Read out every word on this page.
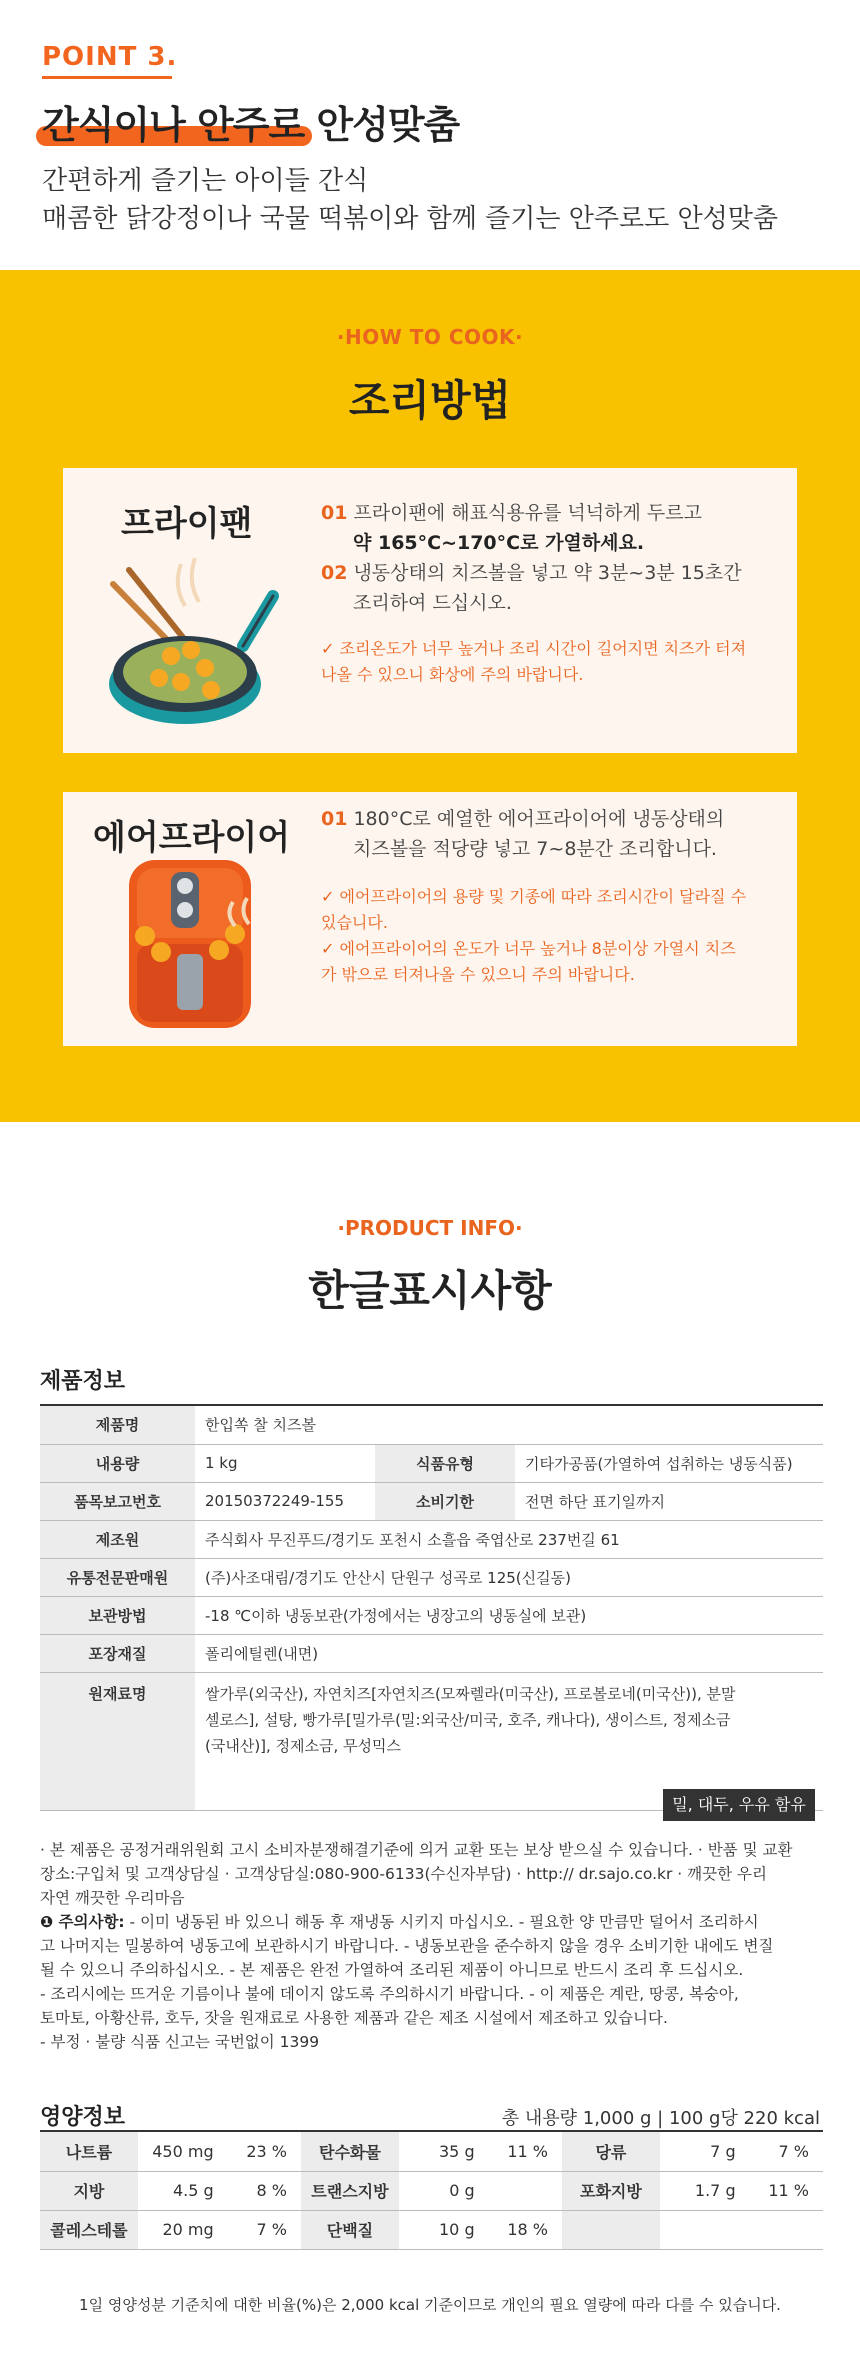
POINT 3.
간식이나 안주로 안성맞춤
간편하게 즐기는 아이들 간식
매콤한 닭강정이나 국물 떡볶이와 함께 즐기는 안주로도 안성맞춤
·HOW TO COOK·
조리방법
프라이팬	01 프라이팬에 해표식용유를 넉넉하게 두르고
약 165°C~170°C로 가열하세요.
02 냉동상태의 치즈볼을 넣고 약 3분~3분 15초간
조리하여 드십시오.
✓ 조리온도가 너무 높거나 조리 시간이 길어지면 치즈가 터져
나올 수 있으니 화상에 주의 바랍니다.
에어프라이어 01 180°C로 예열한 에어프라이어에 냉동상태의
치즈볼을 적당량 넣고 7~8분간 조리합니다.
✓ 에어프라이어의 용량 및 기종에 따라 조리시간이 달라질 수
있습니다.
✓ 에어프라이어의 온도가 너무 높거나 8분이상 가열시 치즈
가 밖으로 터져나올 수 있으니 주의 바랍니다.
·PRODUCT INFO·
한글표시사항
제품정보
제품명	한입쏙 찰 치즈볼		
내용량	1 kg	식품유형	기타가공품(가열하여 섭취하는 냉동식품)
품목보고번호	20150372249-155	소비기한	전면 하단 표기일까지
제조원	주식회사 무진푸드/경기도 포천시 소흘읍 죽엽산로 237번길 61		
유통전문판매원	(주)사조대림/경기도 안산시 단원구 성곡로 125(신길동)		
보관방법	-18 ℃이하 냉동보관(가정에서는 냉장고의 냉동실에 보관)		
포장재질	폴리에틸렌(내면)		
원재료명	쌀가루(외국산), 자연치즈[자연치즈(모짜렐라(미국산), 프로볼로네(미국산)), 분말
셀로스], 설탕, 빵가루[밀가루(밀:외국산/미국, 호주, 캐나다), 생이스트, 정제소금
(국내산)], 정제소금, 무성믹스		
밀, 대두, 우유 함유
· 본 제품은 공정거래위원회 고시 소비자분쟁해결기준에 의거 교환 또는 보상 받으실 수 있습니다. · 반품 및 교환
장소:구입처 및 고객상담실 · 고객상담실:080-900-6133(수신자부담) · http:// dr.sajo.co.kr · 깨끗한 우리
자연 깨끗한 우리마음
❶ 주의사항: - 이미 냉동된 바 있으니 해동 후 재냉동 시키지 마십시오. - 필요한 양 만큼만 덜어서 조리하시
고 나머지는 밀봉하여 냉동고에 보관하시기 바랍니다. - 냉동보관을 준수하지 않을 경우 소비기한 내에도 변질
될 수 있으니 주의하십시오. - 본 제품은 완전 가열하여 조리된 제품이 아니므로 반드시 조리 후 드십시오.
- 조리시에는 뜨거운 기름이나 불에 데이지 않도록 주의하시기 바랍니다. - 이 제품은 계란, 땅콩, 복숭아,
토마토, 아황산류, 호두, 잣을 원재료로 사용한 제품과 같은 제조 시설에서 제조하고 있습니다.
- 부정 · 불량 식품 신고는 국번없이 1399
영양정보	총 내용량 1,000 g | 100 g당 220 kcal
나트륨	450 mg	23 %	탄수화물	35 g	11 %	당류	7 g	7 %
지방	4.5 g	8 %	트랜스지방	0 g		포화지방	1.7 g	11 %
콜레스테롤	20 mg	7 %	단백질	10 g	18 %			
1일 영양성분 기준치에 대한 비율(%)은 2,000 kcal 기준이므로 개인의 필요 열량에 따라 다를 수 있습니다.
